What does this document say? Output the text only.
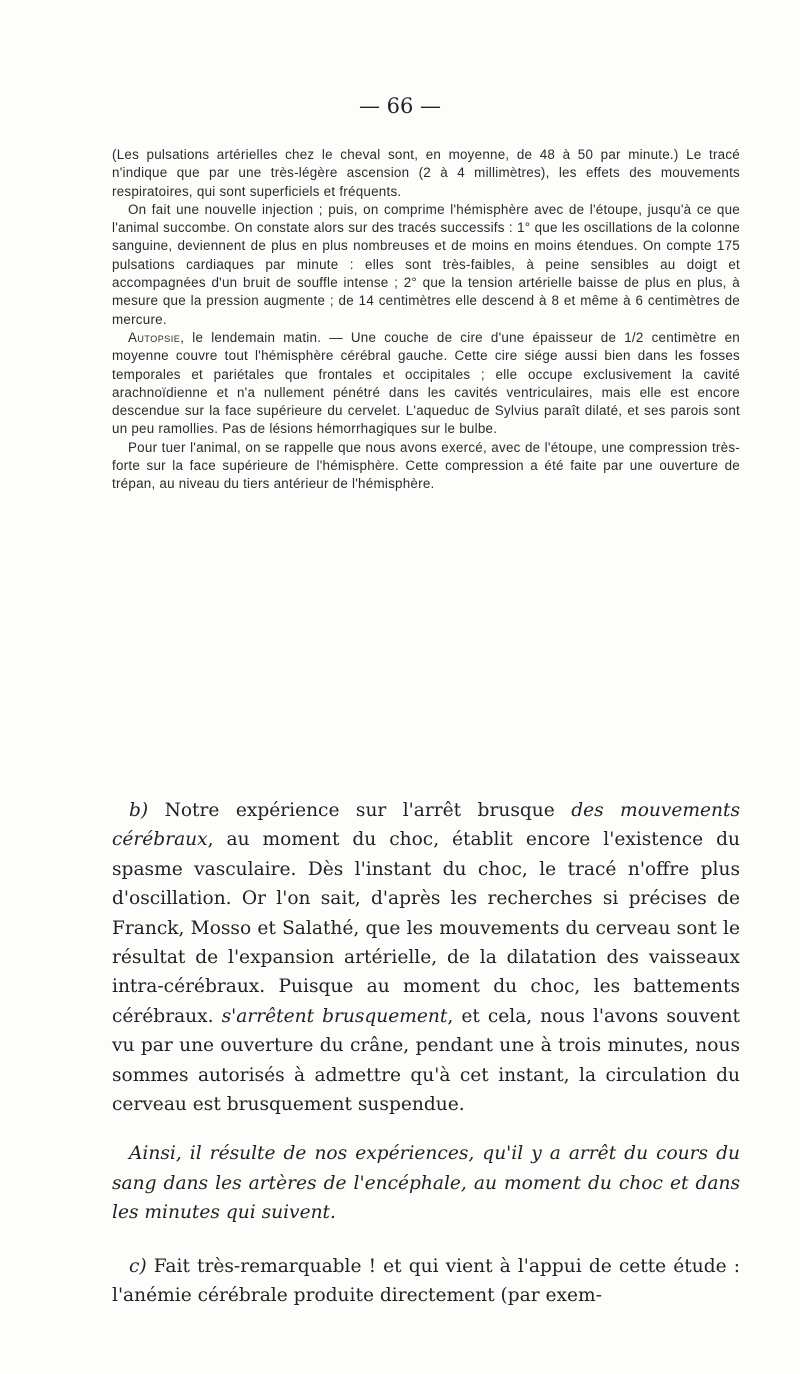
— 66 —

(Les pulsations artérielles chez le cheval sont, en moyenne, de 48 à 50 par minute.) Le tracé n'indique que par une très-légère ascension (2 à 4 millimètres), les effets des mouvements respiratoires, qui sont superficiels et fréquents.

On fait une nouvelle injection ; puis, on comprime l'hémisphère avec de l'étoupe, jusqu'à ce que l'animal succombe. On constate alors sur des tracés successifs : 1° que les oscillations de la colonne sanguine, deviennent de plus en plus nombreuses et de moins en moins étendues. On compte 175 pulsations cardiaques par minute : elles sont très-faibles, à peine sensibles au doigt et accompagnées d'un bruit de souffle intense ; 2° que la tension artérielle baisse de plus en plus, à mesure que la pression augmente ; de 14 centimètres elle descend à 8 et même à 6 centimètres de mercure.

Autopsie, le lendemain matin. — Une couche de cire d'une épaisseur de 1/2 centimètre en moyenne couvre tout l'hémisphère cérébral gauche. Cette cire siége aussi bien dans les fosses temporales et pariétales que frontales et occipitales ; elle occupe exclusivement la cavité arachnoïdienne et n'a nullement pénétré dans les cavités ventriculaires, mais elle est encore descendue sur la face supérieure du cervelet. L'aqueduc de Sylvius paraît dilaté, et ses parois sont un peu ramollies. Pas de lésions hémorrhagiques sur le bulbe.

Pour tuer l'animal, on se rappelle que nous avons exercé, avec de l'étoupe, une compression très-forte sur la face supérieure de l'hémisphère. Cette compression a été faite par une ouverture de trépan, au niveau du tiers antérieur de l'hémisphère.

b) Notre expérience sur l'arrêt brusque des mouvements cérébraux, au moment du choc, établit encore l'existence du spasme vasculaire. Dès l'instant du choc, le tracé n'offre plus d'oscillation. Or l'on sait, d'après les recherches si précises de Franck, Mosso et Salathé, que les mouvements du cerveau sont le résultat de l'expansion artérielle, de la dilatation des vaisseaux intra-cérébraux. Puisque au moment du choc, les battements cérébraux. s'arrêtent brusquement, et cela, nous l'avons souvent vu par une ouverture du crâne, pendant une à trois minutes, nous sommes autorisés à admettre qu'à cet instant, la circulation du cerveau est brusquement suspendue.

Ainsi, il résulte de nos expériences, qu'il y a arrêt du cours du sang dans les artères de l'encéphale, au moment du choc et dans les minutes qui suivent.

c) Fait très-remarquable ! et qui vient à l'appui de cette étude : l'anémie cérébrale produite directement (par exem-
